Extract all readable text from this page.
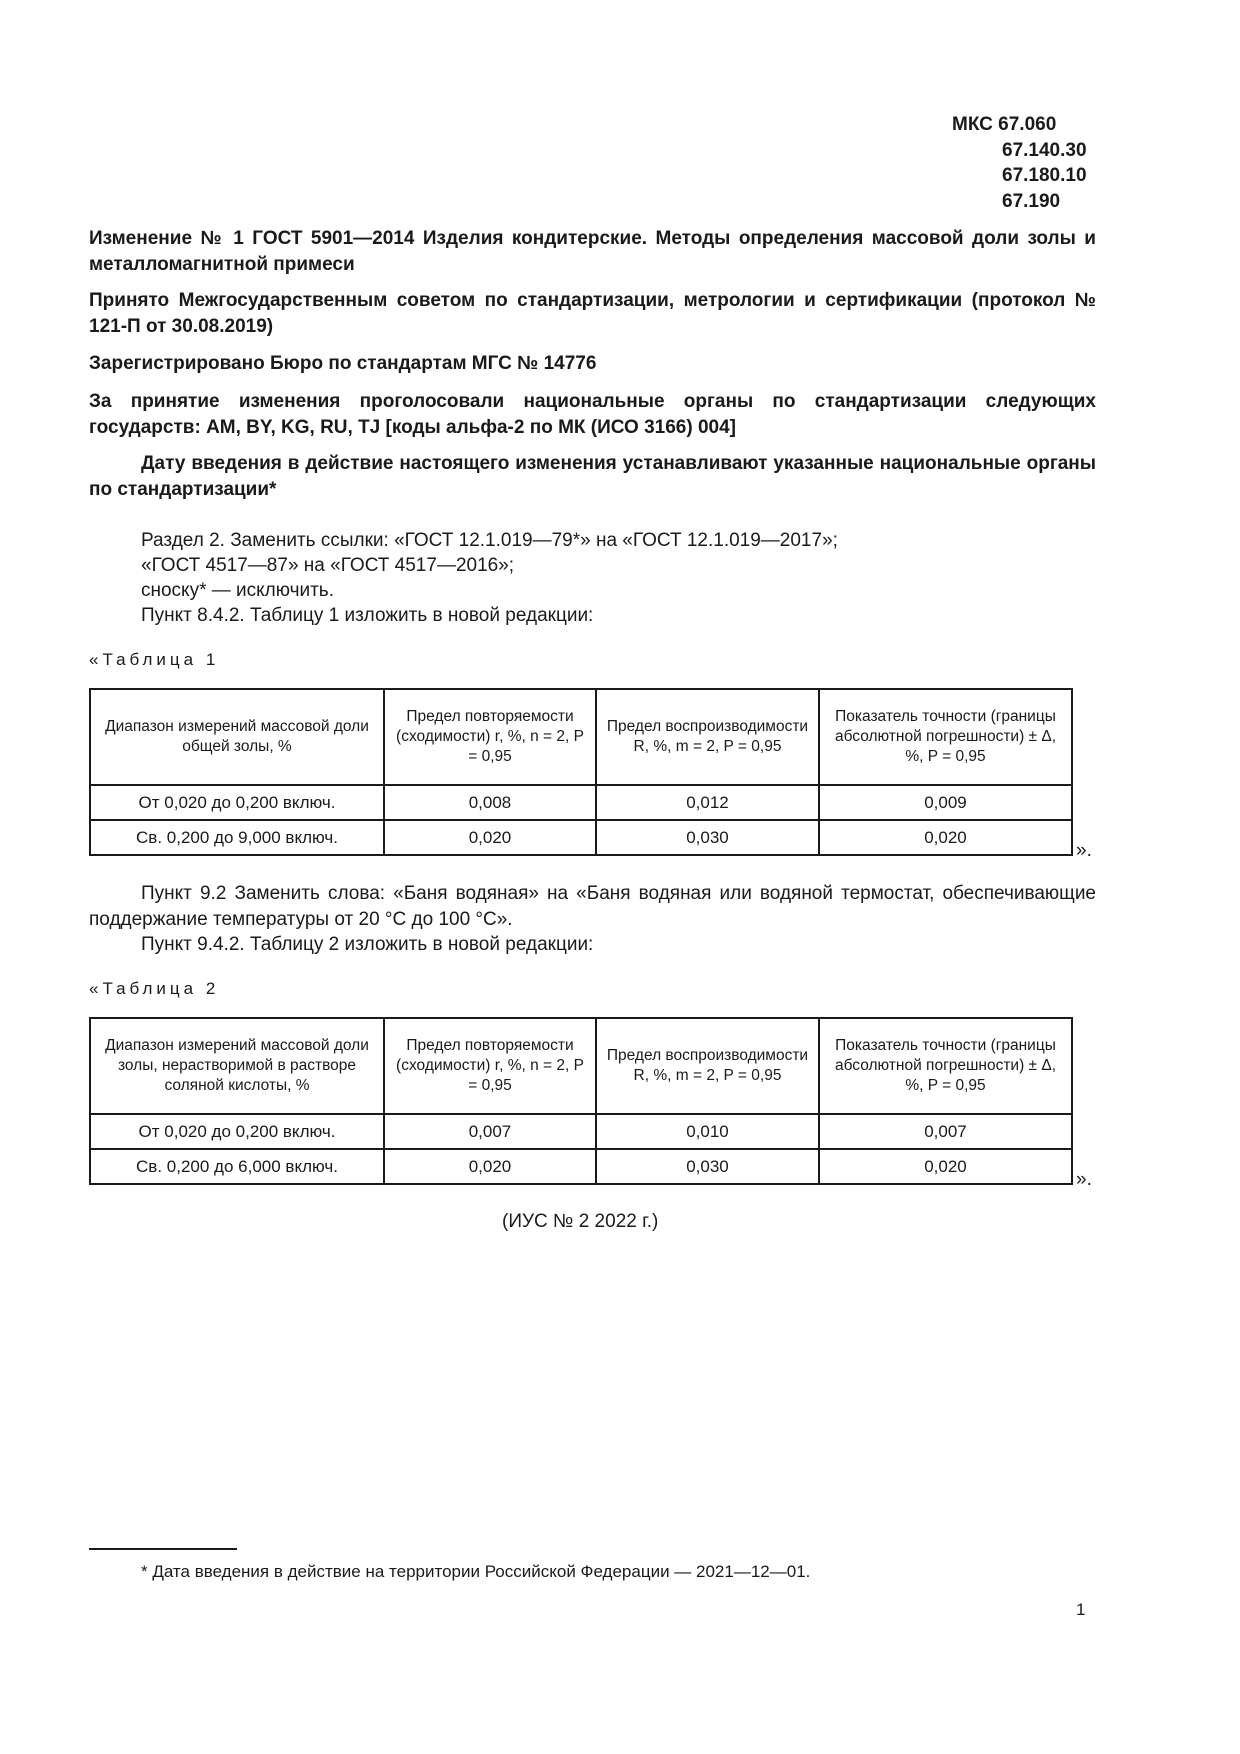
МКС 67.060
67.140.30
67.180.10
67.190
Изменение № 1 ГОСТ 5901—2014 Изделия кондитерские. Методы определения массовой доли золы и металломагнитной примеси
Принято Межгосударственным советом по стандартизации, метрологии и сертификации (протокол № 121-П от 30.08.2019)
Зарегистрировано Бюро по стандартам МГС № 14776
За принятие изменения проголосовали национальные органы по стандартизации следующих государств: AM, BY, KG, RU, TJ [коды альфа-2 по МК (ИСО 3166) 004]
Дату введения в действие настоящего изменения устанавливают указанные национальные органы по стандартизации*
Раздел 2. Заменить ссылки: «ГОСТ 12.1.019—79*» на «ГОСТ 12.1.019—2017»;
«ГОСТ 4517—87» на «ГОСТ 4517—2016»;
сноску* — исключить.
Пункт 8.4.2. Таблицу 1 изложить в новой редакции:
«Таблица 1
Диапазон измерений массовой доли общей золы, %	Предел повторяемости (сходимости) r, %, n = 2, P = 0,95	Предел воспроизводимости R, %, m = 2, P = 0,95	Показатель точности (границы абсолютной погрешности) ± Δ, %, P = 0,95
От 0,020 до 0,200 включ.	0,008	0,012	0,009
Св. 0,200 до 9,000 включ.	0,020	0,030	0,020
».
Пункт 9.2 Заменить слова: «Баня водяная» на «Баня водяная или водяной термостат, обеспечивающие поддержание температуры от 20 °С до 100 °С».
Пункт 9.4.2. Таблицу 2 изложить в новой редакции:
«Таблица 2
Диапазон измерений массовой доли золы, нерастворимой в растворе соляной кислоты, %	Предел повторяемости (сходимости) r, %, n = 2, P = 0,95	Предел воспроизводимости R, %, m = 2, P = 0,95	Показатель точности (границы абсолютной погрешности) ± Δ, %, P = 0,95
От 0,020 до 0,200 включ.	0,007	0,010	0,007
Св. 0,200 до 6,000 включ.	0,020	0,030	0,020
».
(ИУС № 2 2022 г.)
* Дата введения в действие на территории Российской Федерации — 2021—12—01.
1
